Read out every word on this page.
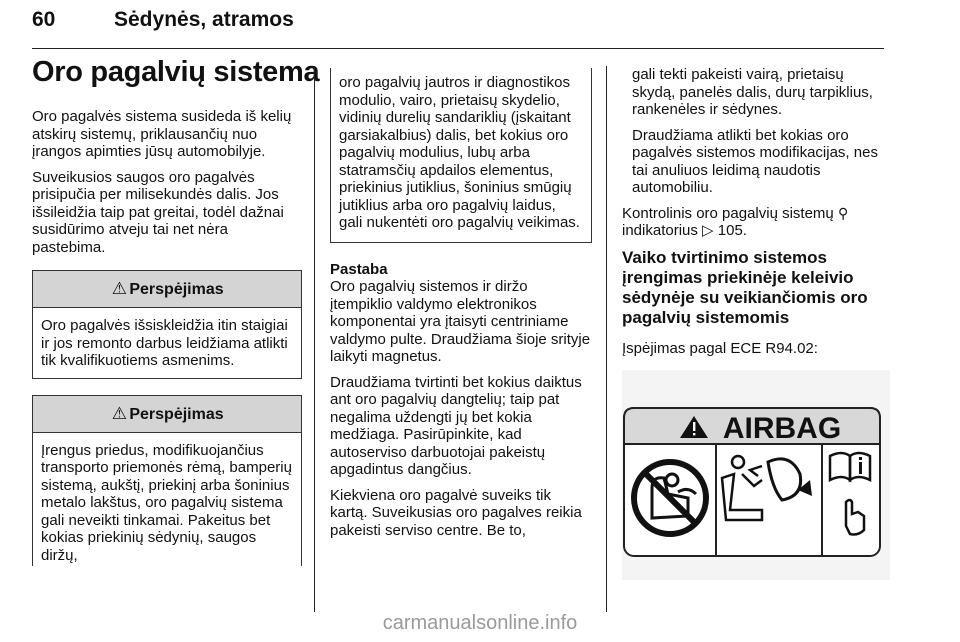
60	Sėdynės, atramos
Oro pagalvių sistema

Oro pagalvės sistema susideda iš kelių atskirų sistemų, priklausančių nuo įrangos apimties jūsų automobilyje.

Suveikusios saugos oro pagalvės prisipučia per milisekundės dalis. Jos išsileidžia taip pat greitai, todėl dažnai susidūrimo atveju tai net nėra pastebima.

⚠ Perspėjimas
Oro pagalvės išsiskleidžia itin staigiai ir jos remonto darbus leidžiama atlikti tik kvalifikuotiems asmenims.
⚠ Perspėjimas
Įrengus priedus, modifikuojančius transporto priemonės rėmą, bamperių sistemą, aukštį, priekinį arba šoninius metalo lakštus, oro pagalvių sistema gali neveikti tinkamai. Pakeitus bet kokias priekinių sėdynių, saugos diržų,
oro pagalvių jautros ir diagnostikos modulio, vairo, prietaisų skydelio, vidinių durelių sandariklių (įskaitant garsiakalbius) dalis, bet kokius oro pagalvių modulius, lubų arba statramsčių apdailos elementus, priekinius jutiklius, šoninius smūgių jutiklius arba oro pagalvių laidus, gali nukentėti oro pagalvių veikimas.
Pastaba

Oro pagalvių sistemos ir diržo įtempiklio valdymo elektronikos komponentai yra įtaisyti centriniame valdymo pulte. Draudžiama šioje srityje laikyti magnetus.

Draudžiama tvirtinti bet kokius daiktus ant oro pagalvių dangtelių; taip pat negalima uždengti jų bet kokia medžiaga. Pasirūpinkite, kad autoserviso darbuotojai pakeistų apgadintus dangčius.

Kiekviena oro pagalvė suveiks tik kartą. Suveikusias oro pagalves reikia pakeisti serviso centre. Be to,

gali tekti pakeisti vairą, prietaisų skydą, panelės dalis, durų tarpiklius, rankenėles ir sėdynes.

Draudžiama atlikti bet kokias oro pagalvės sistemos modifikacijas, nes tai anuliuos leidimą naudotis automobiliu.

Kontrolinis oro pagalvių sistemų ⚲
indikatorius ▷ 105.

Vaiko tvirtinimo sistemos įrengimas priekinėje keleivio sėdynėje su veikiančiomis oro pagalvių sistemomis

Įspėjimas pagal ECE R94.02:

AIRBAG
carmanualsonline.info
